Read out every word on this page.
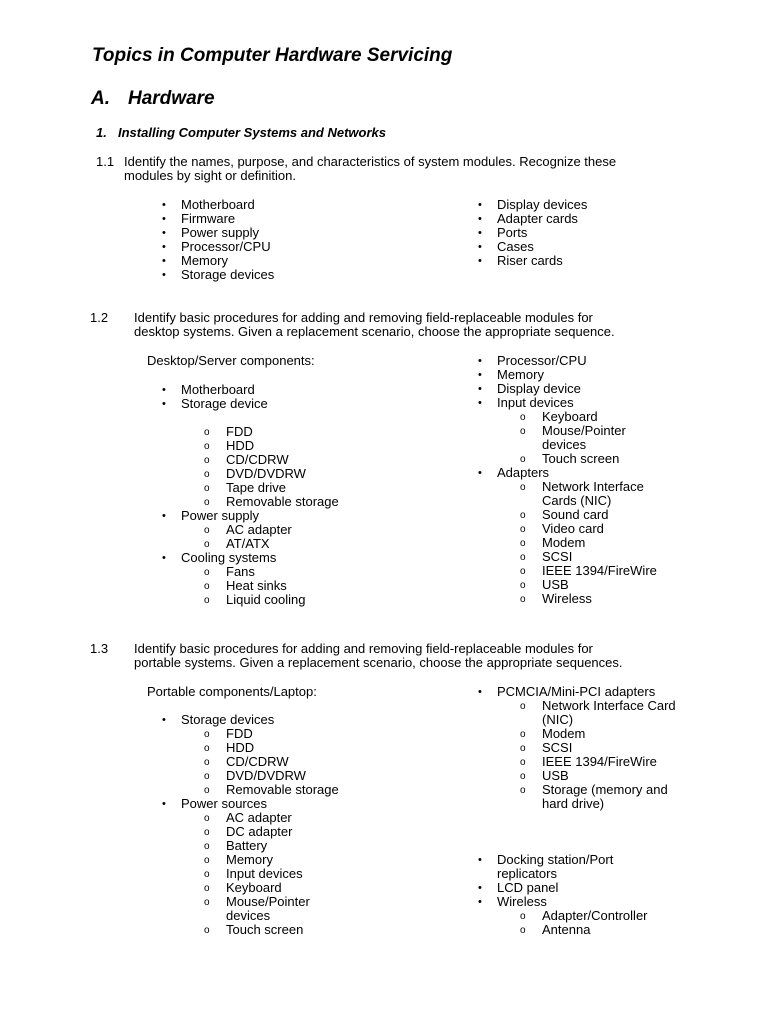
Topics in Computer Hardware Servicing
A. Hardware
1. Installing Computer Systems and Networks
1.1 Identify the names, purpose, and characteristics of system modules. Recognize these
modules by sight or definition.
• Motherboard
• Firmware
• Power supply
• Processor/CPU
• Memory
• Storage devices
• Display devices
• Adapter cards
• Ports
• Cases
• Riser cards
1.2	Identify basic procedures for adding and removing field-replaceable modules for
desktop systems. Given a replacement scenario, choose the appropriate sequence.
Desktop/Server components:
• Motherboard
• Storage device
o FDD
o HDD
o CD/CDRW
o DVD/DVDRW
o Tape drive
o Removable storage
• Power supply
o AC adapter
o AT/ATX
• Cooling systems
o Fans
o Heat sinks
o Liquid cooling
• Processor/CPU
• Memory
• Display device
• Input devices
o Keyboard
o Mouse/Pointer devices
o Touch screen
• Adapters
o Network Interface Cards (NIC)
o Sound card
o Video card
o Modem
o SCSI
o IEEE 1394/FireWire
o USB
o Wireless
1.3	Identify basic procedures for adding and removing field-replaceable modules for
portable systems. Given a replacement scenario, choose the appropriate sequences.
Portable components/Laptop:
• Storage devices
o FDD
o HDD
o CD/CDRW
o DVD/DVDRW
o Removable storage
• Power sources
o AC adapter
o DC adapter
o Battery
o Memory
o Input devices
o Keyboard
o Mouse/Pointer devices
o Touch screen
• PCMCIA/Mini-PCI adapters
o Network Interface Card (NIC)
o Modem
o SCSI
o IEEE 1394/FireWire
o USB
o Storage (memory and hard drive)
• Docking station/Port replicators
• LCD panel
• Wireless
o Adapter/Controller
o Antenna
